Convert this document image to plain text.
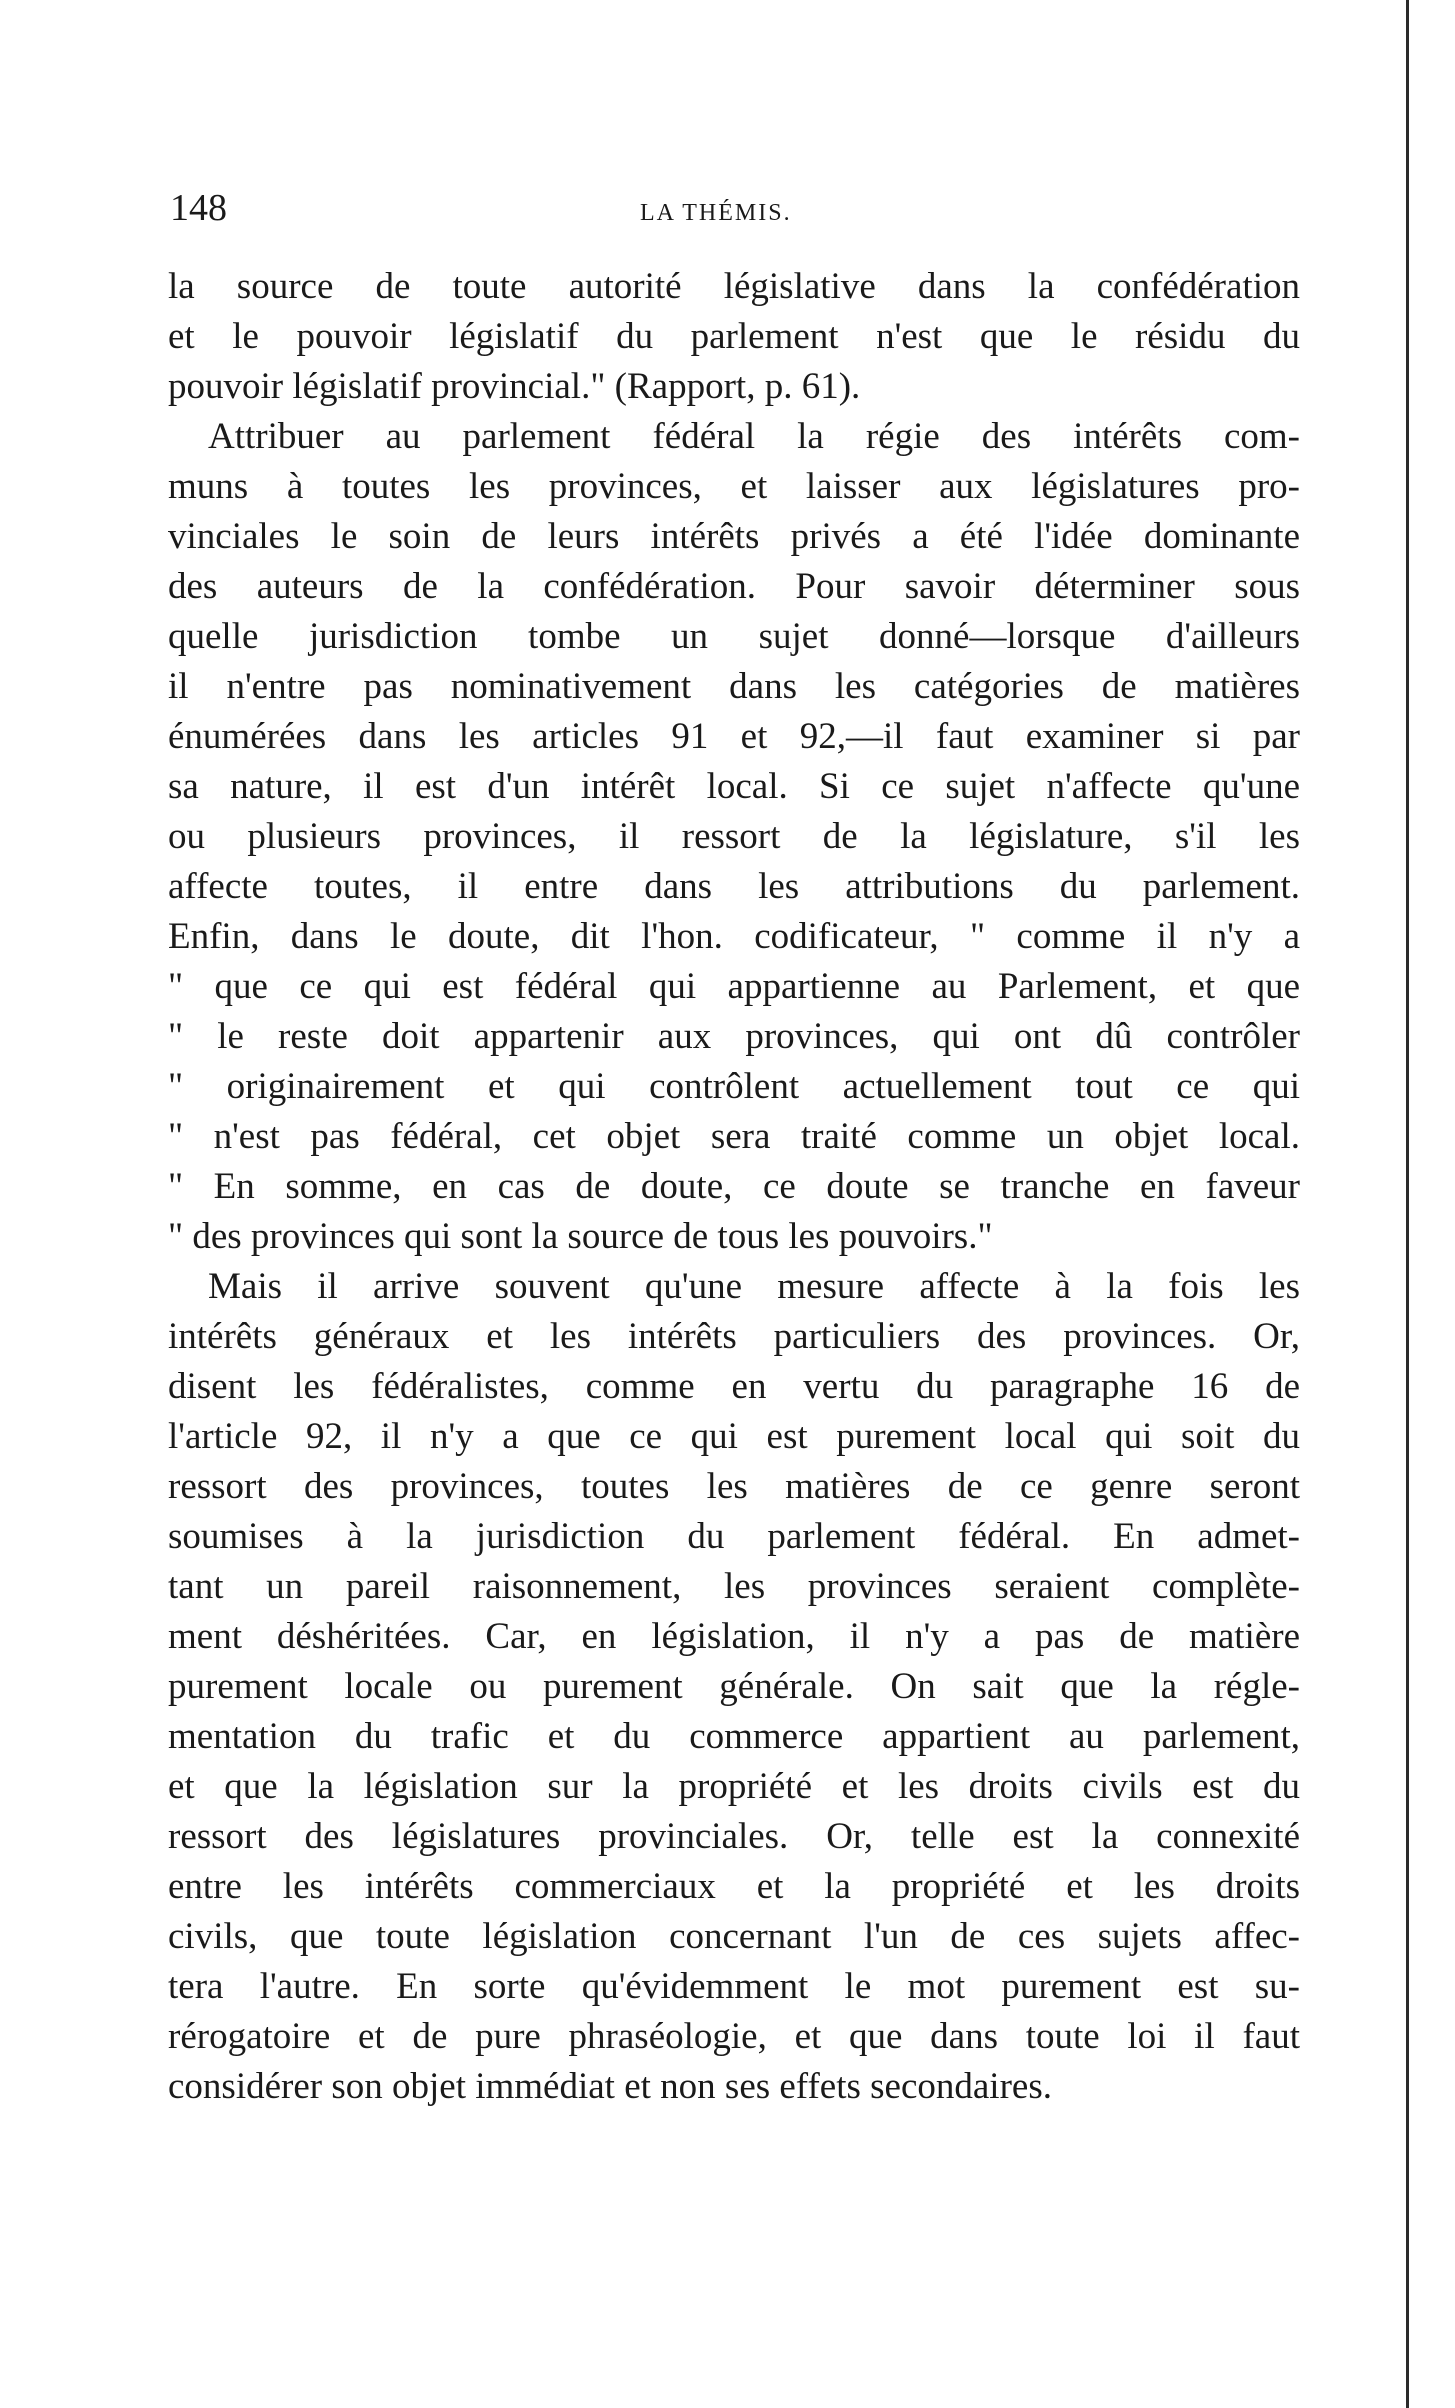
148	LA THÉMIS.
la source de toute autorité législative dans la confédération
et le pouvoir législatif du parlement n'est que le résidu du
pouvoir législatif provincial." (Rapport, p. 61).
Attribuer au parlement fédéral la régie des intérêts com-
muns à toutes les provinces, et laisser aux législatures pro-
vinciales le soin de leurs intérêts privés a été l'idée dominante
des auteurs de la confédération. Pour savoir déterminer sous
quelle jurisdiction tombe un sujet donné—lorsque d'ailleurs
il n'entre pas nominativement dans les catégories de matières
énumérées dans les articles 91 et 92,—il faut examiner si par
sa nature, il est d'un intérêt local. Si ce sujet n'affecte qu'une
ou plusieurs provinces, il ressort de la législature, s'il les
affecte toutes, il entre dans les attributions du parlement.
Enfin, dans le doute, dit l'hon. codificateur, " comme il n'y a
" que ce qui est fédéral qui appartienne au Parlement, et que
" le reste doit appartenir aux provinces, qui ont dû contrôler
" originairement et qui contrôlent actuellement tout ce qui
" n'est pas fédéral, cet objet sera traité comme un objet local.
" En somme, en cas de doute, ce doute se tranche en faveur
" des provinces qui sont la source de tous les pouvoirs."
Mais il arrive souvent qu'une mesure affecte à la fois les
intérêts généraux et les intérêts particuliers des provinces. Or,
disent les fédéralistes, comme en vertu du paragraphe 16 de
l'article 92, il n'y a que ce qui est purement local qui soit du
ressort des provinces, toutes les matières de ce genre seront
soumises à la jurisdiction du parlement fédéral. En admet-
tant un pareil raisonnement, les provinces seraient complète-
ment déshéritées. Car, en législation, il n'y a pas de matière
purement locale ou purement générale. On sait que la régle-
mentation du trafic et du commerce appartient au parlement,
et que la législation sur la propriété et les droits civils est du
ressort des législatures provinciales. Or, telle est la connexité
entre les intérêts commerciaux et la propriété et les droits
civils, que toute législation concernant l'un de ces sujets affec-
tera l'autre. En sorte qu'évidemment le mot purement est su-
rérogatoire et de pure phraséologie, et que dans toute loi il faut
considérer son objet immédiat et non ses effets secondaires.
